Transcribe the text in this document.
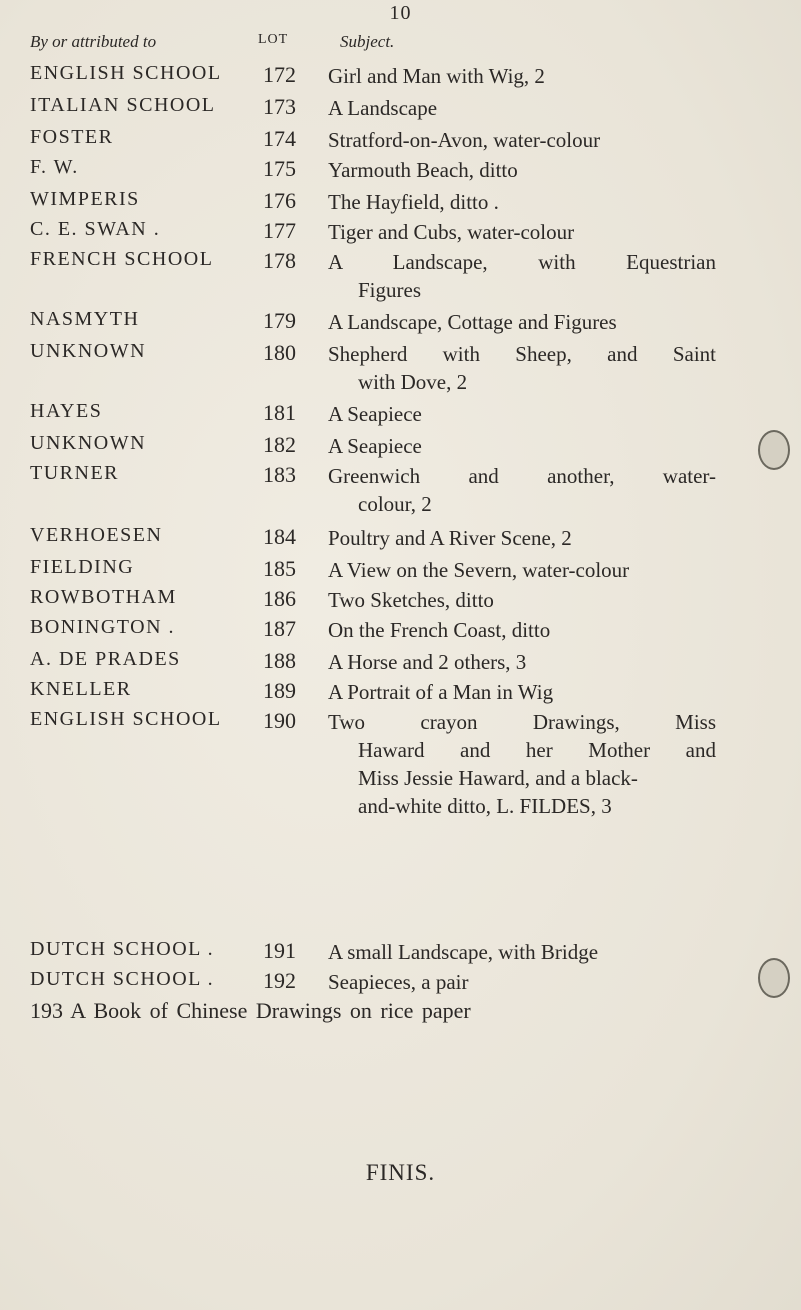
10
By or attributed to	LOT	Subject.
ENGLISH SCHOOL	172 Girl and Man with Wig, 2
ITALIAN SCHOOL	173 A Landscape
FOSTER	174 Stratford-on-Avon, water-colour
F. W.	175 Yarmouth Beach, ditto
WIMPERIS	176 The Hayfield, ditto .
C. E. SWAN .	177 Tiger and Cubs, water-colour
FRENCH SCHOOL	178 A Landscape, with Equestrian
Figures
NASMYTH	179 A Landscape, Cottage and Figures
UNKNOWN	180 Shepherd with Sheep, and Saint
with Dove, 2
HAYES	181 A Seapiece
UNKNOWN	182 A Seapiece
TURNER	183 Greenwich and another, water-
colour, 2
VERHOESEN	184 Poultry and A River Scene, 2
FIELDING	185 A View on the Severn, water-colour
ROWBOTHAM	186 Two Sketches, ditto
BONINGTON .	187 On the French Coast, ditto
A. DE PRADES	188 A Horse and 2 others, 3
KNELLER	189 A Portrait of a Man in Wig
ENGLISH SCHOOL	190 Two crayon Drawings, Miss
Haward and her Mother and
Miss Jessie Haward, and a black-
and-white ditto, L. FILDES, 3
DUTCH SCHOOL .	191 A small Landscape, with Bridge
DUTCH SCHOOL .	192 Seapieces, a pair
193 A Book of Chinese Drawings on rice paper
FINIS.
